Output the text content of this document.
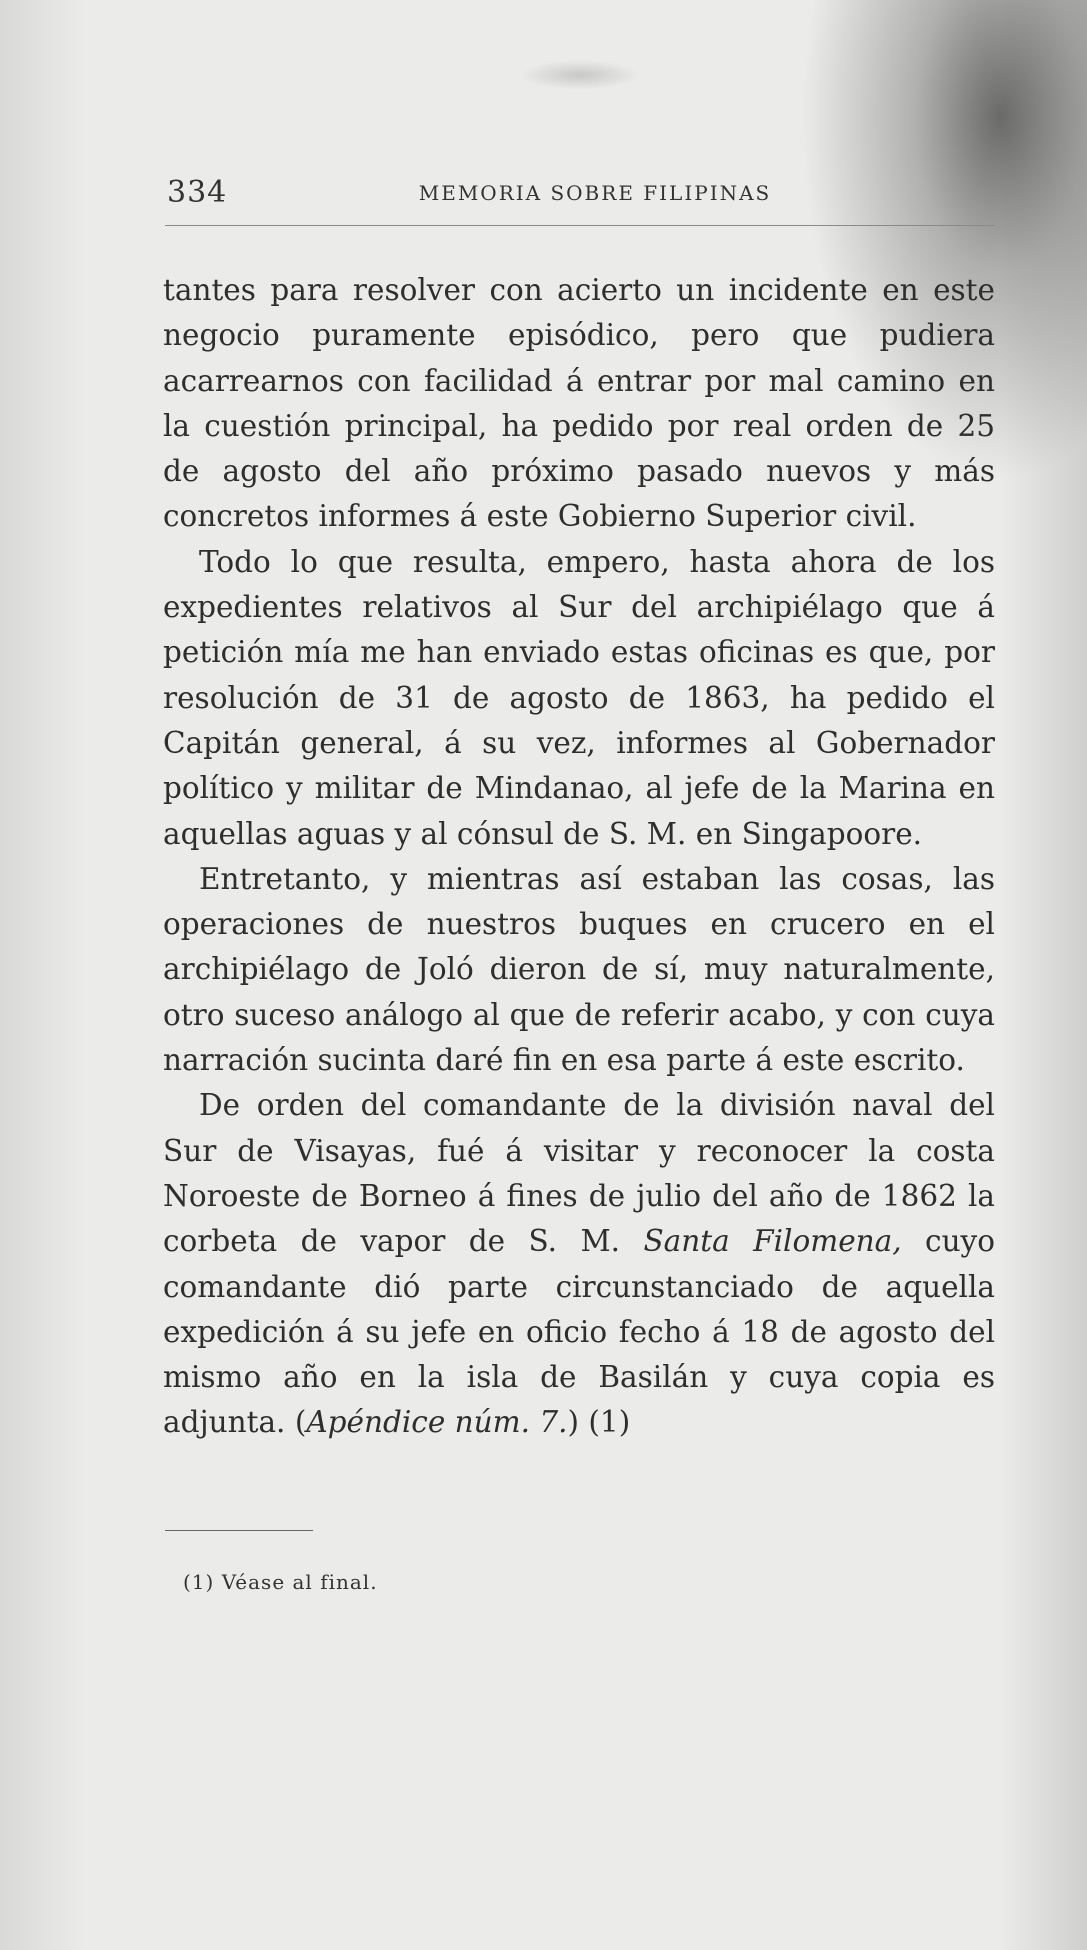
334	MEMORIA SOBRE FILIPINAS

tantes para resolver con acierto un incidente en este negocio puramente episódico, pero que pudiera acarrearnos con facilidad á entrar por mal camino en la cuestión principal, ha pedido por real orden de 25 de agosto del año próximo pasado nuevos y más concretos informes á este Gobierno Superior civil.

Todo lo que resulta, empero, hasta ahora de los expedientes relativos al Sur del archipiélago que á petición mía me han enviado estas oficinas es que, por resolución de 31 de agosto de 1863, ha pedido el Capitán general, á su vez, informes al Gobernador político y militar de Mindanao, al jefe de la Marina en aquellas aguas y al cónsul de S. M. en Singapoore.

Entretanto, y mientras así estaban las cosas, las operaciones de nuestros buques en crucero en el archipiélago de Joló dieron de sí, muy naturalmente, otro suceso análogo al que de referir acabo, y con cuya narración sucinta daré fin en esa parte á este escrito.

De orden del comandante de la división naval del Sur de Visayas, fué á visitar y reconocer la costa Noroeste de Borneo á fines de julio del año de 1862 la corbeta de vapor de S. M. Santa Filomena, cuyo comandante dió parte circunstanciado de aquella expedición á su jefe en oficio fecho á 18 de agosto del mismo año en la isla de Basilán y cuya copia es adjunta. (Apéndice núm. 7.) (1)

(1) Véase al final.
